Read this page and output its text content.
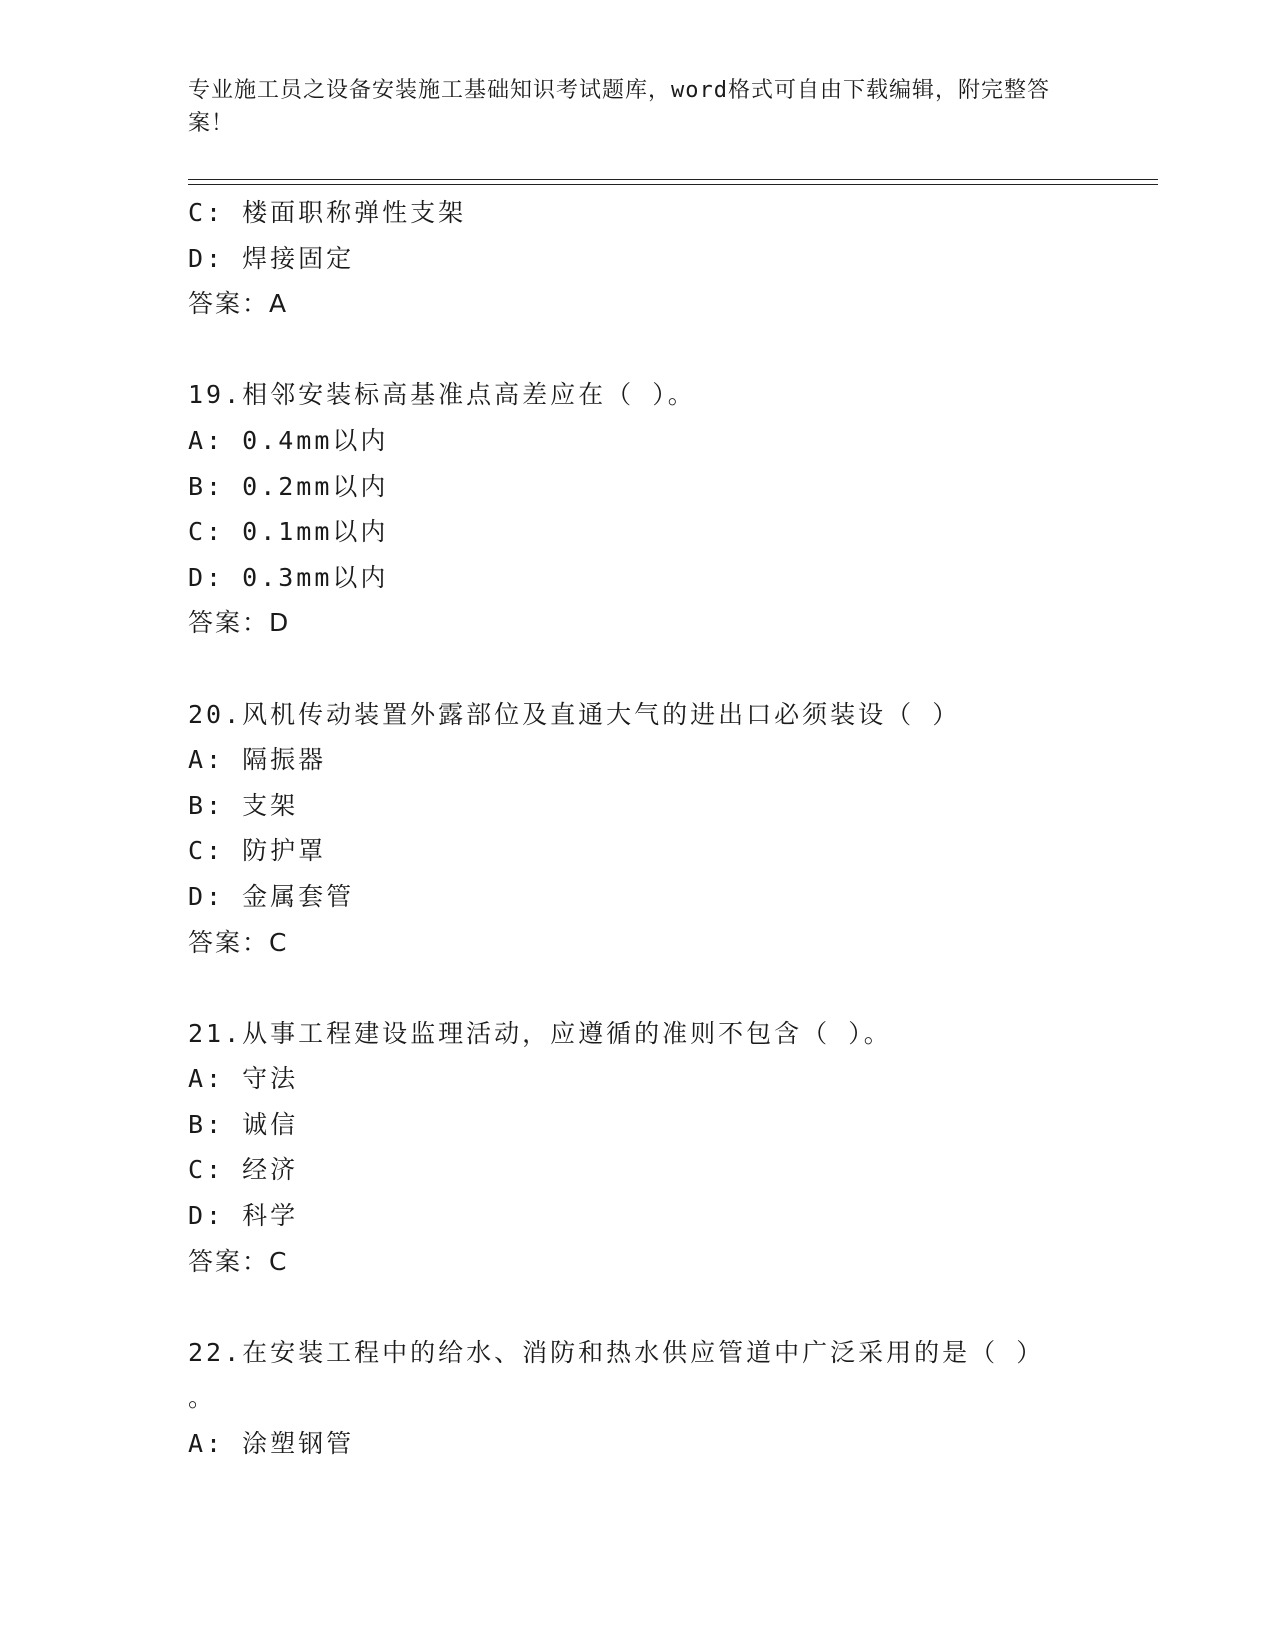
专业施工员之设备安装施工基础知识考试题库，word格式可自由下载编辑，附完整答案！
C: 楼面职称弹性支架
D: 焊接固定
答案：A
19.相邻安装标高基准点高差应在（ ）。
A: 0.4mm以内
B: 0.2mm以内
C: 0.1mm以内
D: 0.3mm以内
答案：D
20.风机传动装置外露部位及直通大气的进出口必须装设（ ）
A: 隔振器
B: 支架
C: 防护罩
D: 金属套管
答案：C
21.从事工程建设监理活动，应遵循的准则不包含（ ）。
A: 守法
B: 诚信
C: 经济
D: 科学
答案：C
22.在安装工程中的给水、消防和热水供应管道中广泛采用的是（ ）
。
A: 涂塑钢管
